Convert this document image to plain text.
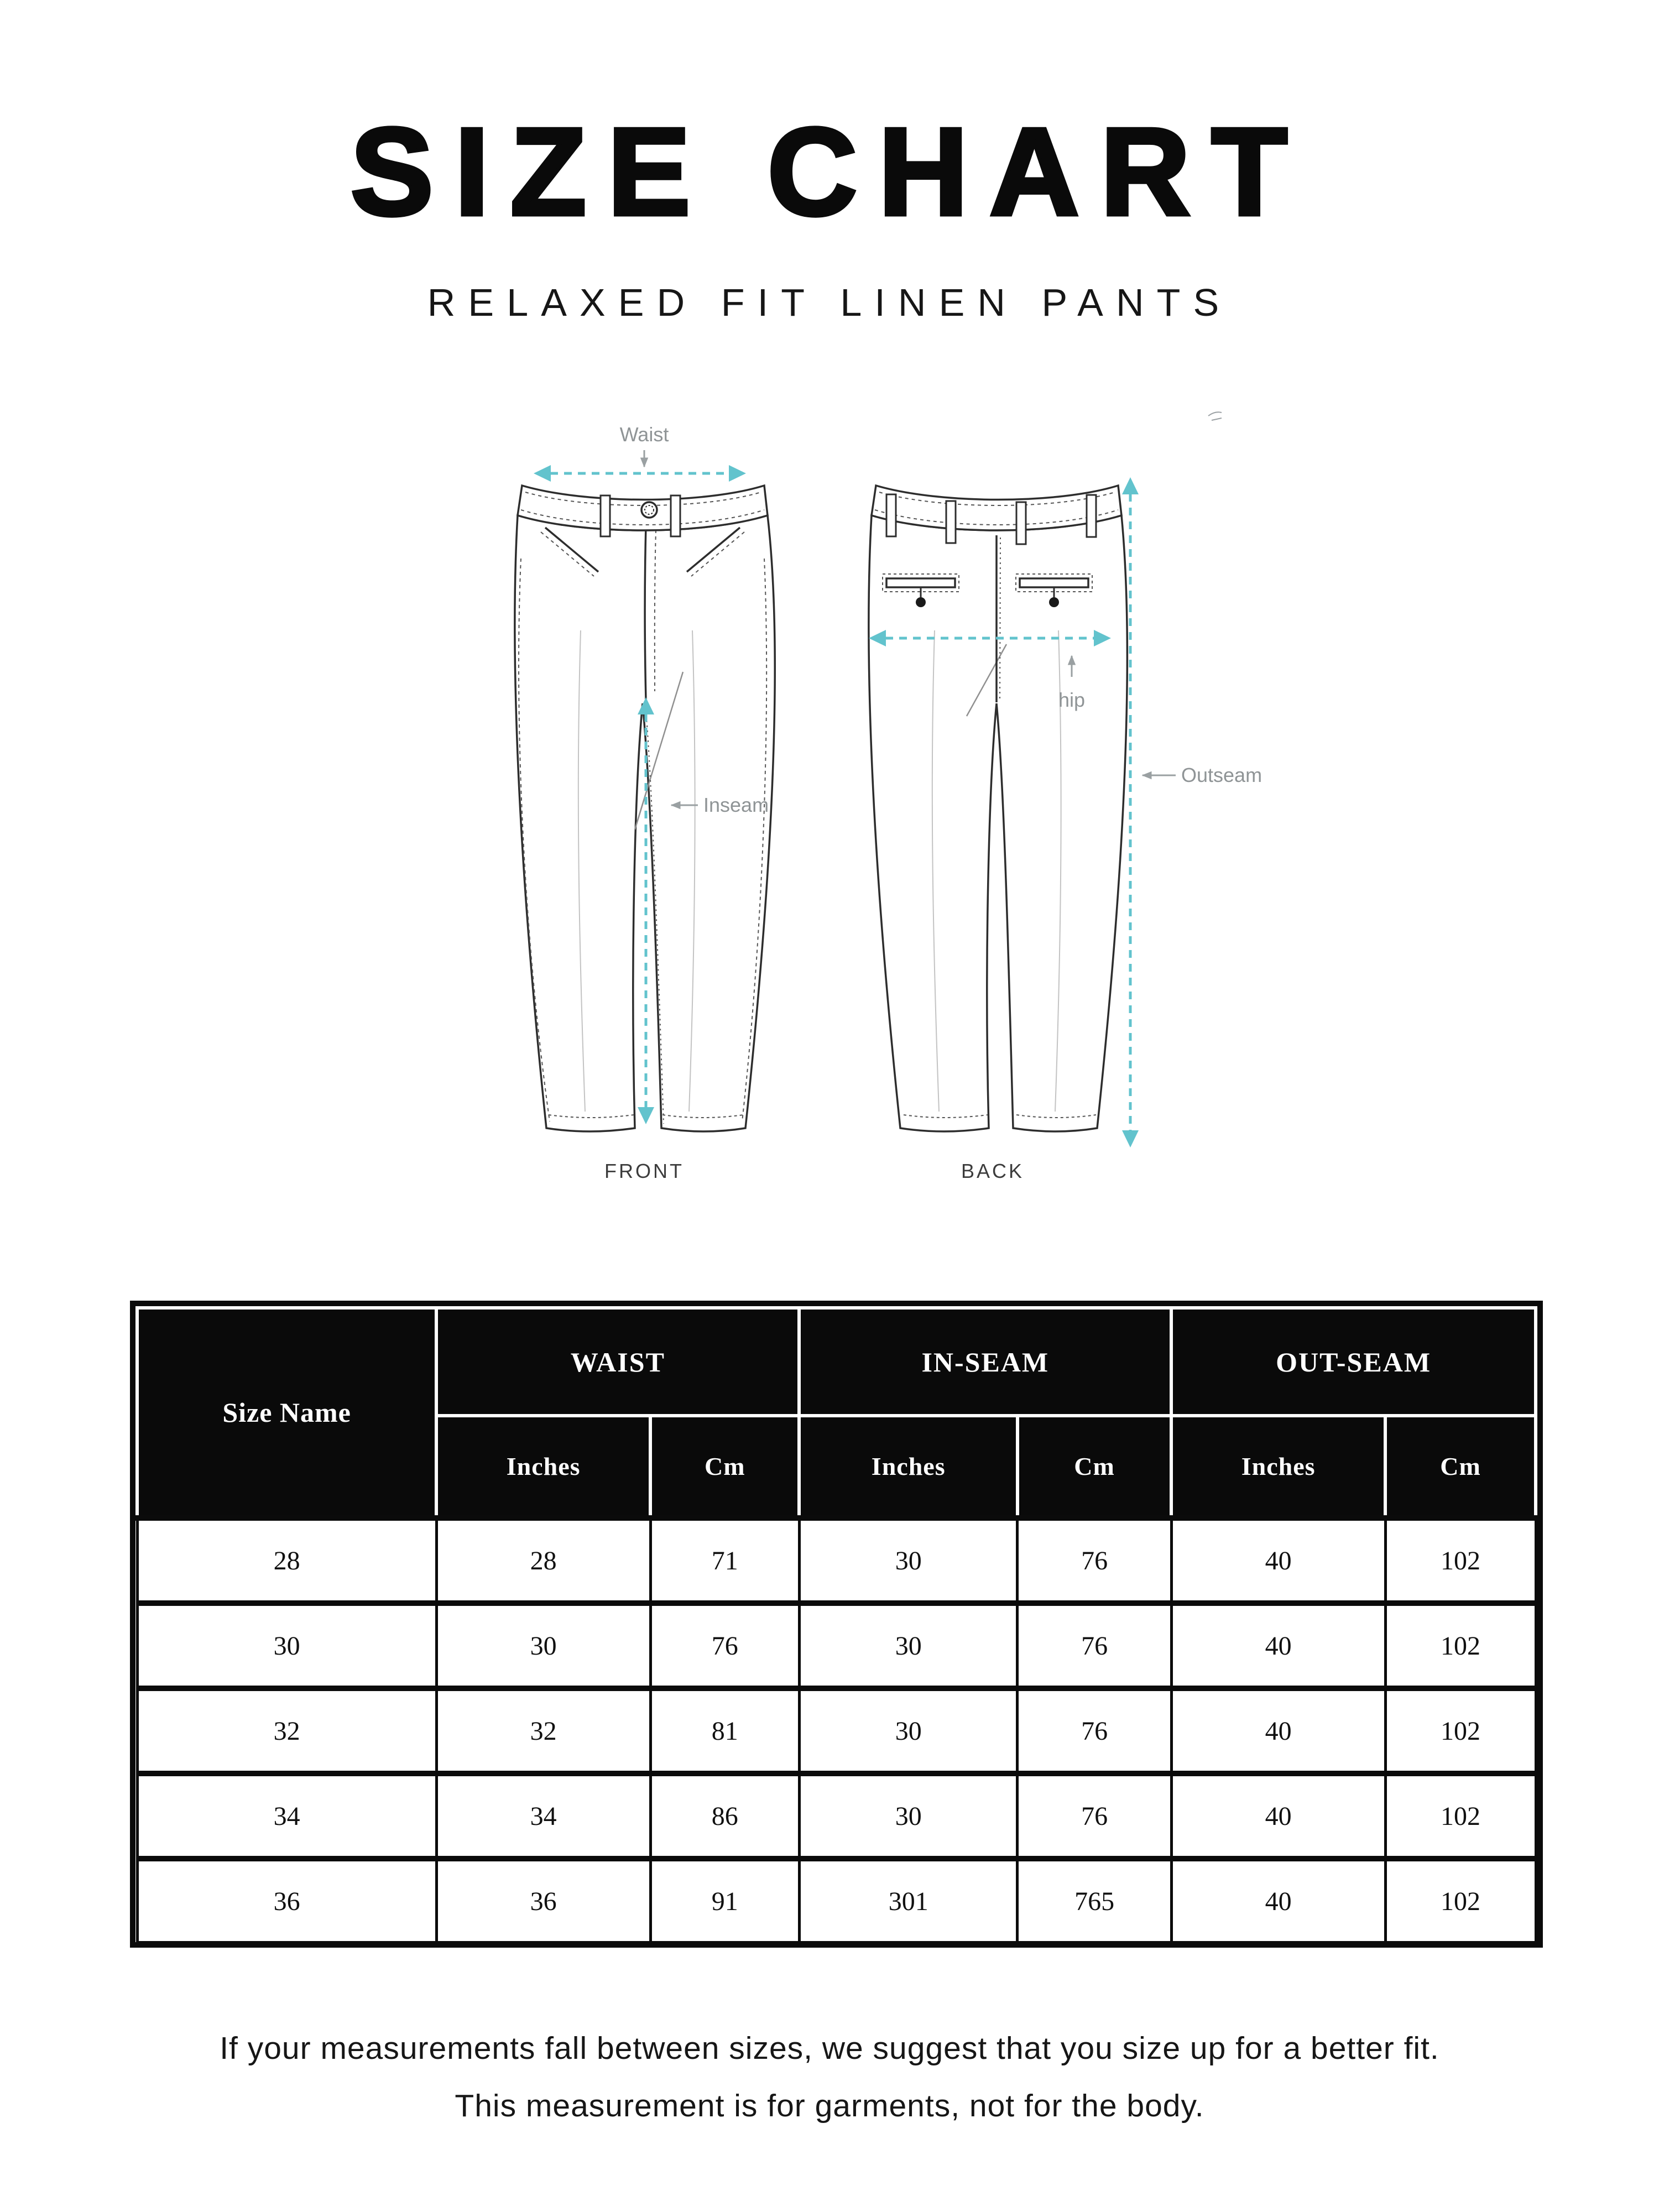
SIZE CHART
RELAXED FIT LINEN PANTS
Waist
Inseam
hip
Outseam
FRONT	BACK
Size Name	WAIST		IN-SEAM		OUT-SEAM	
	Inches	Cm	Inches	Cm	Inches	Cm
28	28	71	30	76	40	102
30	30	76	30	76	40	102
32	32	81	30	76	40	102
34	34	86	30	76	40	102
36	36	91	301	765	40	102
If your measurements fall between sizes, we suggest that you size up for a better fit.
This measurement is for garments, not for the body.
